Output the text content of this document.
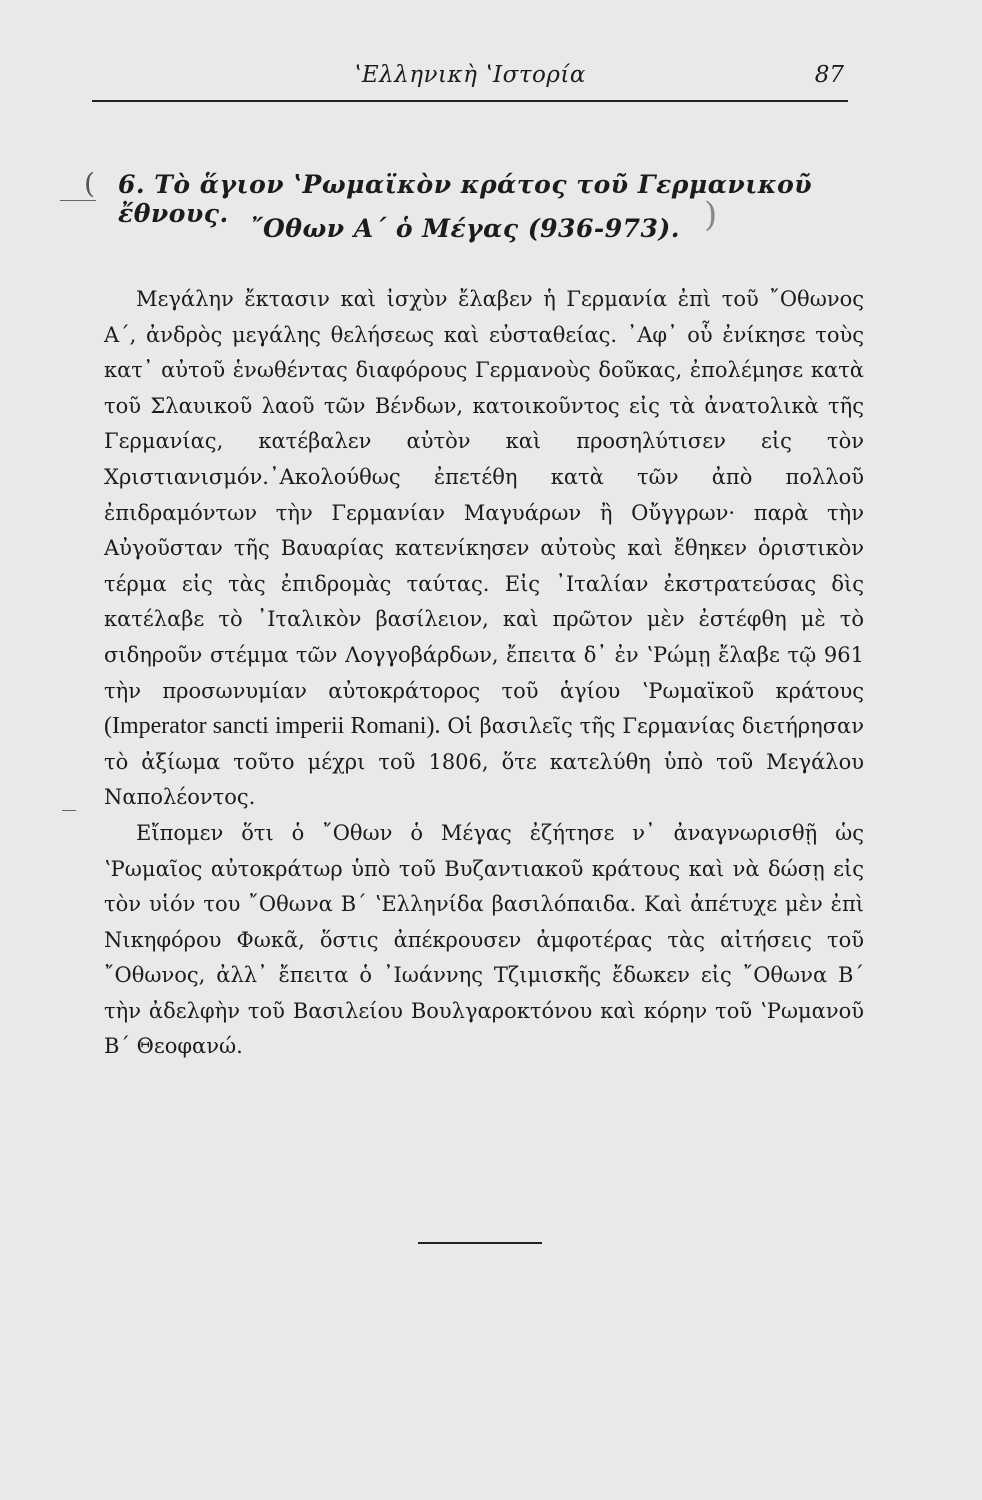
ʽΕλληνικὴ ʽΙστορία	87
(
)
6. Τὸ ἅγιον ʽΡωμαϊκὸν κράτος τοῦ Γερμανικοῦ ἔθνους.
῎Οθων Α΄ ὁ Μέγας (936-973).

Μεγάλην ἔκτασιν καὶ ἰσχὺν ἔλαβεν ἡ Γερμανία ἐπὶ τοῦ ῎Οθωνος Α΄, ἀνδρὸς μεγάλης θελήσεως καὶ εὐσταθείας. ᾽Αφ᾽ οὗ ἐνίκησε τοὺς κατ᾽ αὐτοῦ ἑνωθέντας διαφόρους Γερμανοὺς δοῦκας, ἐπολέμησε κατὰ τοῦ Σλαυικοῦ λαοῦ τῶν Βένδων, κατοικοῦντος εἰς τὰ ἀνατολικὰ τῆς Γερμανίας, κατέβαλεν αὐτὸν καὶ προσηλύτισεν εἰς τὸν Χριστιανισμόν.᾽Ακολούθως ἐπετέθη κατὰ τῶν ἀπὸ πολλοῦ ἐπιδραμόντων τὴν Γερμανίαν Μαγυάρων ἢ Οὔγγρων· παρὰ τὴν Αὐγοῦσταν τῆς Βαυαρίας κατενίκησεν αὐτοὺς καὶ ἔθηκεν ὁριστικὸν τέρμα εἰς τὰς ἐπιδρομὰς ταύτας. Εἰς ᾽Ιταλίαν ἐκστρατεύσας δὶς κατέλαβε τὸ ᾽Ιταλικὸν βασίλειον, καὶ πρῶτον μὲν ἐστέφθη μὲ τὸ σιδηροῦν στέμμα τῶν Λογγοβάρδων, ἔπειτα δ᾽ ἐν ʽΡώμῃ ἔλαβε τῷ 961 τὴν προσωνυμίαν αὐτοκράτορος τοῦ ἁγίου ʽΡωμαϊκοῦ κράτους (Imperator sancti imperii Romani). Οἱ βασιλεῖς τῆς Γερμανίας διετήρησαν τὸ ἀξίωμα τοῦτο μέχρι τοῦ 1806, ὅτε κατελύθη ὑπὸ τοῦ Μεγάλου Ναπολέοντος.

Εἴπομεν ὅτι ὁ ῎Οθων ὁ Μέγας ἐζήτησε ν᾽ ἀναγνωρισθῇ ὡς ʽΡωμαῖος αὐτοκράτωρ ὑπὸ τοῦ Βυζαντιακοῦ κράτους καὶ νὰ δώσῃ εἰς τὸν υἱόν του ῎Οθωνα Β΄ ʽΕλληνίδα βασιλόπαιδα. Καὶ ἀπέτυχε μὲν ἐπὶ Νικηφόρου Φωκᾶ, ὅστις ἀπέκρουσεν ἀμφοτέρας τὰς αἰτήσεις τοῦ ῎Οθωνος, ἀλλ᾽ ἔπειτα ὁ ᾽Ιωάννης Τζιμισκῆς ἔδωκεν εἰς ῎Οθωνα Β΄ τὴν ἀδελφὴν τοῦ Βασιλείου Βουλγαροκτόνου καὶ κόρην τοῦ ʽΡωμανοῦ Β΄ Θεοφανώ.
